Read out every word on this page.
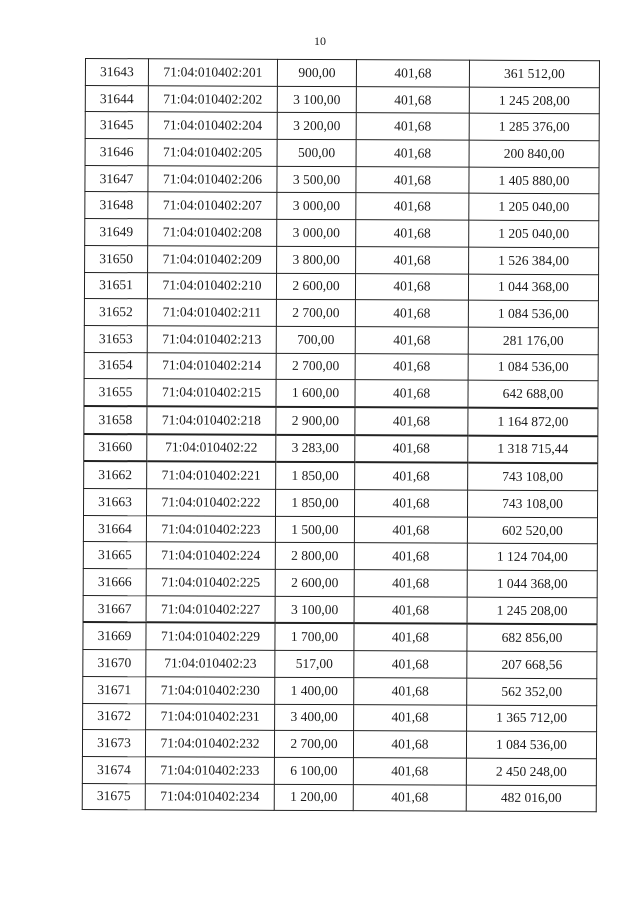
10
31643	71:04:010402:201	900,00	401,68	361 512,00
31644	71:04:010402:202	3 100,00	401,68	1 245 208,00
31645	71:04:010402:204	3 200,00	401,68	1 285 376,00
31646	71:04:010402:205	500,00	401,68	200 840,00
31647	71:04:010402:206	3 500,00	401,68	1 405 880,00
31648	71:04:010402:207	3 000,00	401,68	1 205 040,00
31649	71:04:010402:208	3 000,00	401,68	1 205 040,00
31650	71:04:010402:209	3 800,00	401,68	1 526 384,00
31651	71:04:010402:210	2 600,00	401,68	1 044 368,00
31652	71:04:010402:211	2 700,00	401,68	1 084 536,00
31653	71:04:010402:213	700,00	401,68	281 176,00
31654	71:04:010402:214	2 700,00	401,68	1 084 536,00
31655	71:04:010402:215	1 600,00	401,68	642 688,00
31658	71:04:010402:218	2 900,00	401,68	1 164 872,00
31660	71:04:010402:22	3 283,00	401,68	1 318 715,44
31662	71:04:010402:221	1 850,00	401,68	743 108,00
31663	71:04:010402:222	1 850,00	401,68	743 108,00
31664	71:04:010402:223	1 500,00	401,68	602 520,00
31665	71:04:010402:224	2 800,00	401,68	1 124 704,00
31666	71:04:010402:225	2 600,00	401,68	1 044 368,00
31667	71:04:010402:227	3 100,00	401,68	1 245 208,00
31669	71:04:010402:229	1 700,00	401,68	682 856,00
31670	71:04:010402:23	517,00	401,68	207 668,56
31671	71:04:010402:230	1 400,00	401,68	562 352,00
31672	71:04:010402:231	3 400,00	401,68	1 365 712,00
31673	71:04:010402:232	2 700,00	401,68	1 084 536,00
31674	71:04:010402:233	6 100,00	401,68	2 450 248,00
31675	71:04:010402:234	1 200,00	401,68	482 016,00
